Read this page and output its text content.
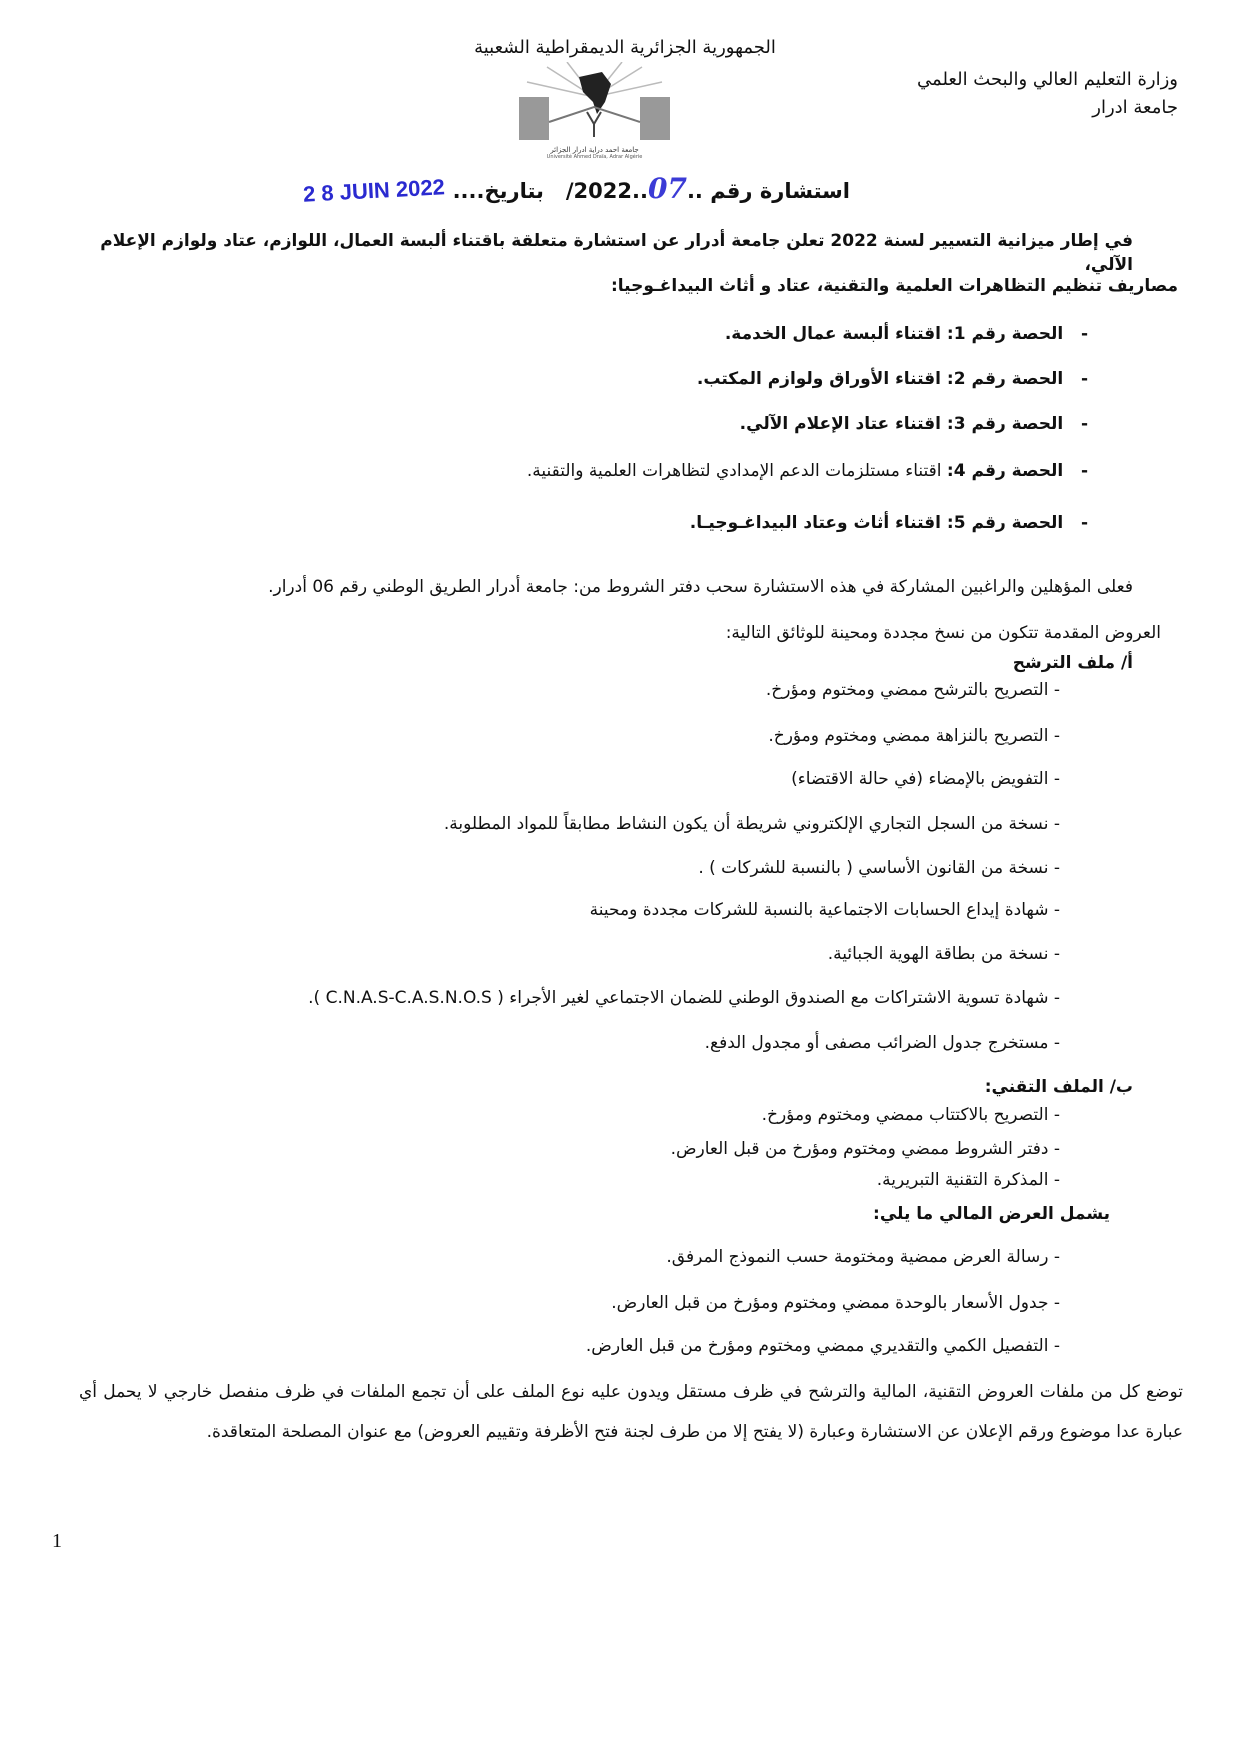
الجمهورية الجزائرية الديمقراطية الشعبية
وزارة التعليم العالي والبحث العلمي
جامعة ادرار
جامعة احمد دراية ادرار الجزائر
Université Ahmed Draïa, Adrar Algérie
استشارة رقم ..07..2022/   بتاريخ.... 2 8 JUIN 2022
في إطار ميزانية التسيير لسنة 2022 تعلن جامعة أدرار عن استشارة متعلقة باقتناء ألبسة العمال، اللوازم، عتاد ولوازم الإعلام الآلي،
مصاريف تنظيم التظاهرات العلمية والتقنية، عتاد و أثاث البيداغـوجيا:
-   الحصة رقم 1: اقتناء ألبسة عمال الخدمة.
-   الحصة رقم 2: اقتناء الأوراق ولوازم المكتب.
-   الحصة رقم 3: اقتناء عتاد الإعلام الآلي.
-   الحصة رقم 4: اقتناء مستلزمات الدعم الإمدادي لتظاهرات العلمية والتقنية.
-   الحصة رقم 5: اقتناء أثاث وعتاد البيداغـوجيـا.
فعلى المؤهلين والراغبين المشاركة في هذه الاستشارة سحب دفتر الشروط من: جامعة أدرار الطريق الوطني رقم 06 أدرار.
العروض المقدمة تتكون من نسخ مجددة ومحينة للوثائق التالية:
أ/ ملف الترشح
- التصريح بالترشح ممضي ومختوم ومؤرخ.
- التصريح بالنزاهة ممضي ومختوم ومؤرخ.
- التفويض بالإمضاء (في حالة الاقتضاء)
- نسخة من السجل التجاري الإلكتروني شريطة أن يكون النشاط مطابقاً للمواد المطلوبة.
- نسخة من القانون الأساسي ( بالنسبة للشركات ) .
- شهادة إيداع الحسابات الاجتماعية بالنسبة للشركات مجددة ومحينة
- نسخة من بطاقة الهوية الجبائية.
- شهادة تسوية الاشتراكات مع الصندوق الوطني للضمان الاجتماعي لغير الأجراء ( C.N.A.S-C.A.S.N.O.S ).
- مستخرج جدول الضرائب مصفى أو مجدول الدفع.
ب/ الملف التقني:
- التصريح بالاكتتاب ممضي ومختوم ومؤرخ.
- دفتر الشروط ممضي ومختوم ومؤرخ من قبل العارض.
- المذكرة التقنية التبريرية.
يشمل العرض المالي ما يلي:
- رسالة العرض ممضية ومختومة حسب النموذج المرفق.
- جدول الأسعار بالوحدة ممضي ومختوم ومؤرخ من قبل العارض.
- التفصيل الكمي والتقديري ممضي ومختوم ومؤرخ من قبل العارض.
توضع كل من ملفات العروض التقنية، المالية والترشح في ظرف مستقل ويدون عليه نوع الملف على أن تجمع الملفات في ظرف منفصل خارجي لا يحمل أي عبارة عدا موضوع ورقم الإعلان عن الاستشارة وعبارة (لا يفتح إلا من طرف لجنة فتح الأظرفة وتقييم العروض) مع عنوان المصلحة المتعاقدة.
1
